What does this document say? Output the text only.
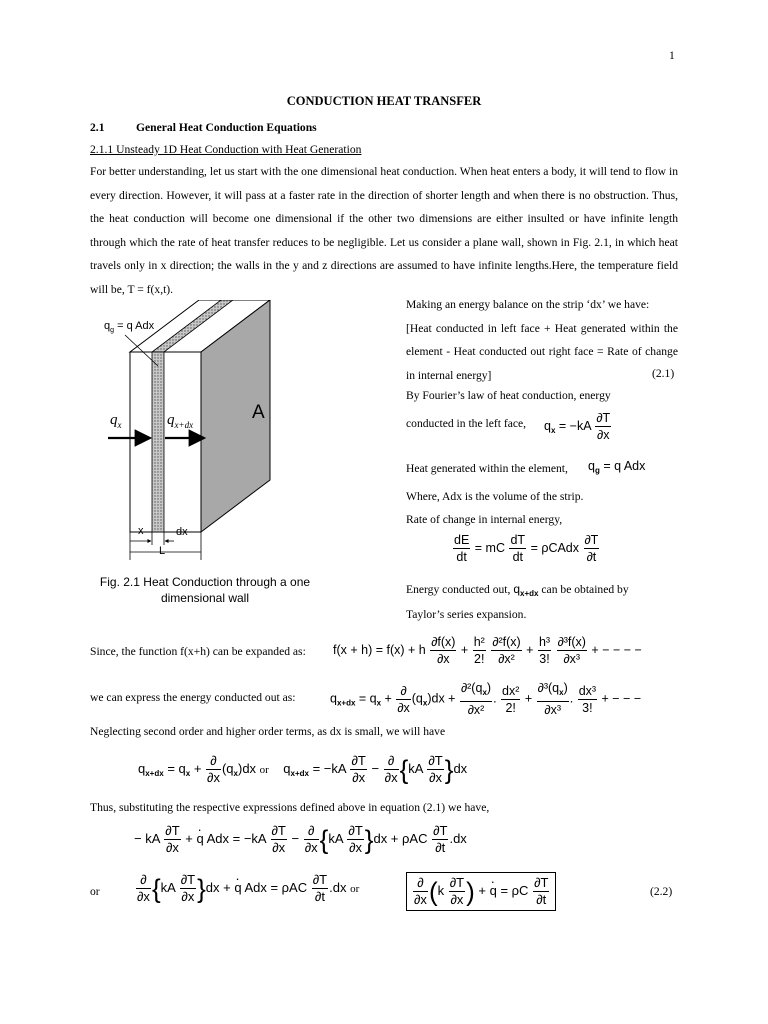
1
CONDUCTION HEAT TRANSFER
2.1	General Heat Conduction Equations
2.1.1 Unsteady 1D Heat Conduction with Heat Generation
For better understanding, let us start with the one dimensional heat conduction. When heat enters a body, it will tend to flow in every direction. However, it will pass at a faster rate in the direction of shorter length and when there is no obstruction. Thus, the heat conduction will become one dimensional if the other two dimensions are either insulted or have infinite length through which the rate of heat transfer reduces to be negligible. Let us consider a plane wall, shown in Fig. 2.1, in which heat travels only in x direction; the walls in the y and z directions are assumed to have infinite lengths.Here, the temperature field will be, T = f(x,t).
$q_g = q$ Adx
$q_x$	$q_{x+dx}$
A
x	dx
L
Fig. 2.1 Heat Conduction through a one
dimensional wall
Making an energy balance on the strip ‘dx’ we have:
[Heat conducted in left face + Heat generated within the element - Heat conducted out right face = Rate of change in internal energy]	(2.1)
By Fourier’s law of heat conduction, energy
conducted in the left face, $q_x = -kA \frac{\partial T}{\partial x}$
Heat generated within the element, $q_g = q$ Adx
Where, Adx is the volume of the strip.
Rate of change in internal energy,
$\frac{dE}{dt}$ = mC $\frac{dT}{dt}$ = ρCAdx $\frac{\partial T}{\partial t}$
Energy conducted out, $q_{x+dx}$ can be obtained by
Taylor’s series expansion.
Since, the function f(x+h) can be expanded as: f(x + h) = f(x) + h $\frac{\partial f(x)}{\partial x} + \frac{\text{h²}}{2!}$
$\frac{\text{∂²f(x)}}{\text{∂x²}} + \frac{\text{h³}}{3!}$
$\frac{\text{∂³f(x)}}{\text{∂x³}}$ + − − − −
we can express the energy conducted out as:	$q_{x+dx} = q_x + \frac{\partial}{\partial x} (q_x)dx + \frac{\partial^2(q_x)}{\text{∂x²}}$ . $\frac{\text{dx²}}{2!} + \frac{\partial^3(q_x)}{\text{∂x³}}$ . $\frac{\text{dx³}}{3!}$ + − − −
Neglecting second order and higher order terms, as dx is small, we will have
$q_{x+dx} = q_x + \frac{\partial}{\partial x} (q_x)dx$ or    $q_{x+dx} = -kA \frac{\partial T}{\partial x} - \frac{\partial}{\partial x} \{kA \frac{\partial T}{\partial x} \}dx$
Thus, substituting the respective expressions defined above in equation (2.1) we have,
− kA $\frac{\partial T}{\partial x}$ + · q Adx = $-kA \frac{\partial T}{\partial x} - \frac{\partial}{\partial x} \{kA \frac{\partial T}{\partial x} \}dx + \rho AC \frac{\partial T}{\partial t} .dx$
or	$\frac{\partial}{\partial x} \{kA \frac{\partial T}{\partial x} \}dx$ + · q Adx = ρAC $\frac{\partial T}{\partial t} .dx$ or	$\frac{\partial}{\partial x} (k \frac{\partial T}{\partial x}$ ) + · q = ρC $\frac{\partial T}{\partial t}$	(2.2)
